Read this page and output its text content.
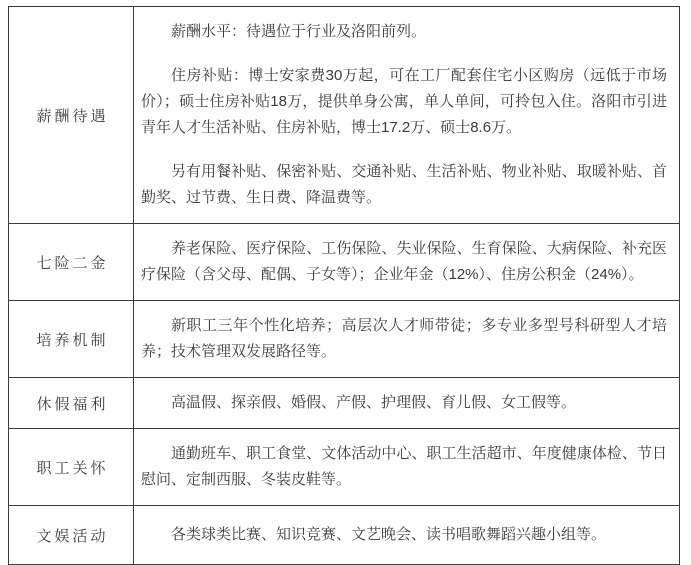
薪酬待遇

薪酬水平：待遇位于行业及洛阳前列。

住房补贴：博士安家费30万起，可在工厂配套住宅小区购房（远低于市场价）；硕士住房补贴18万，提供单身公寓，单人单间，可拎包入住。洛阳市引进青年人才生活补贴、住房补贴，博士17.2万、硕士8.6万。

另有用餐补贴、保密补贴、交通补贴、生活补贴、物业补贴、取暖补贴、首勤奖、过节费、生日费、降温费等。

七险二金

养老保险、医疗保险、工伤保险、失业保险、生育保险、大病保险、补充医疗保险（含父母、配偶、子女等）；企业年金（12%）、住房公积金（24%）。

培养机制

新职工三年个性化培养；高层次人才师带徒；多专业多型号科研型人才培养；技术管理双发展路径等。

休假福利	高温假、探亲假、婚假、产假、护理假、育儿假、女工假等。

职工关怀

通勤班车、职工食堂、文体活动中心、职工生活超市、年度健康体检、节日慰问、定制西服、冬装皮鞋等。

文娱活动	各类球类比赛、知识竞赛、文艺晚会、读书唱歌舞蹈兴趣小组等。
